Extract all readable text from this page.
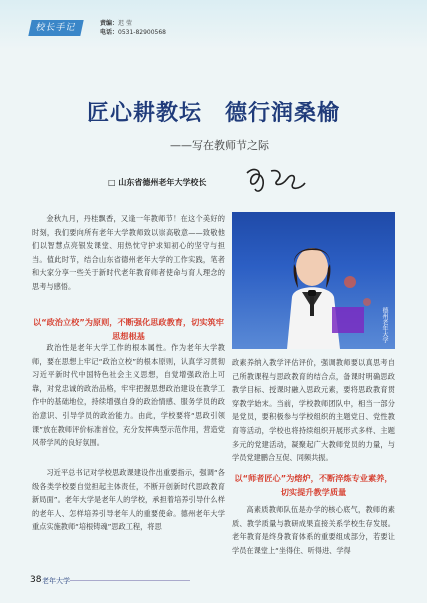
校长手记	责编：迟 莹
电话：0531-82900568
匠心耕教坛　德行润桑榆
——写在教师节之际
□ 山东省德州老年大学校长

金秋九月，丹桂飘香，又逢一年教师节！在这个美好的时刻，我们要向所有老年大学教师致以崇高敬意——致敬他们以智慧点亮银发课堂、用热忱守护求知初心的坚守与担当。值此时节，结合山东省德州老年大学的工作实践，笔者和大家分享一些关于新时代老年教育师者使命与育人理念的思考与感悟。

以“政治立校”为原则，不断强化思政教育，切实筑牢思想根基

政治性是老年大学工作的根本属性。作为老年大学教师，要在思想上牢记“政治立校”的根本原则，认真学习贯彻习近平新时代中国特色社会主义思想，自觉增强政治上可靠，对党忠诚的政治品格，牢牢把握思想政治建设在教学工作中的基础地位，持续增强自身的政治情感、服务学员的政治意识、引导学员的政治能力。由此，学校要将“思政引领课”放在教师评价标准首位，充分发挥典型示范作用，营造党风带学风的良好氛围。

习近平总书记对学校思政课建设作出重要指示，强调“各级各类学校要自觉担起主体责任，不断开创新时代思政教育新局面”。老年大学是老年人的学校，承担着培养引导什么样的老年人、怎样培养引导老年人的重要使命。德州老年大学重点实施教师“培根铸魂”思政工程，将思

德州老年大学

政素养纳入教学评估评价，强调教师要以真思考自己所教课程与思政教育的结合点，备课时明确思政教学目标、授课时融入思政元素，要将思政教育贯穿教学始末。当前，学校教师团队中，相当一部分是党员，要积极参与学校组织的主题党日、党性教育等活动，学校也将持续组织开展形式多样、主题多元的党建活动，凝聚起广大教师党员的力量，与学员党建鹏合互促、同频共振。

以“师者匠心”为熔炉，不断淬炼专业素养，切实提升教学质量

高素质教师队伍是办学的核心底气，教师的素质、教学质量与教研成果直接关系学校生存发展。老年教育是终身教育体系的重要组成部分，若要让学员在课堂上“坐得住、听得进、学得

38 老年大学
